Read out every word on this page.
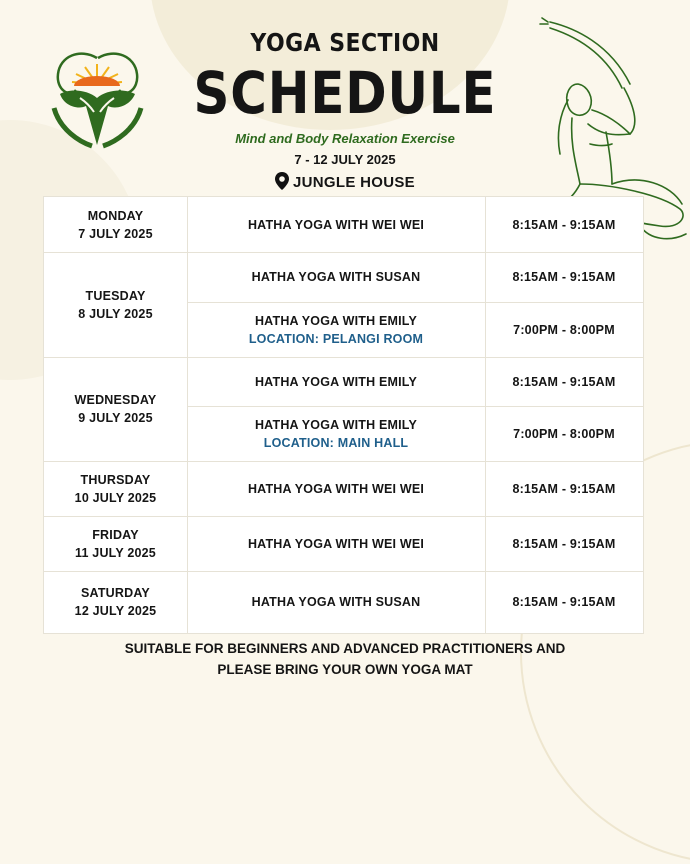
YOGA SECTION
SCHEDULE
Mind and Body Relaxation Exercise
7 - 12 JULY 2025
JUNGLE HOUSE
MONDAY
7 JULY 2025
TUESDAY
8 JULY 2025
WEDNESDAY
9 JULY 2025
THURSDAY
10 JULY 2025
FRIDAY
11 JULY 2025
SATURDAY
12 JULY 2025
HATHA YOGA WITH WEI WEI
HATHA YOGA WITH SUSAN
HATHA YOGA WITH EMILY
LOCATION: PELANGI ROOM
HATHA YOGA WITH EMILY
HATHA YOGA WITH EMILY
LOCATION: MAIN HALL
HATHA YOGA WITH WEI WEI
HATHA YOGA WITH WEI WEI
HATHA YOGA WITH SUSAN
8:15AM - 9:15AM
8:15AM - 9:15AM
7:00PM - 8:00PM
8:15AM - 9:15AM
7:00PM - 8:00PM
8:15AM - 9:15AM
8:15AM - 9:15AM
8:15AM - 9:15AM
SUITABLE FOR BEGINNERS AND ADVANCED PRACTITIONERS AND
PLEASE BRING YOUR OWN YOGA MAT
